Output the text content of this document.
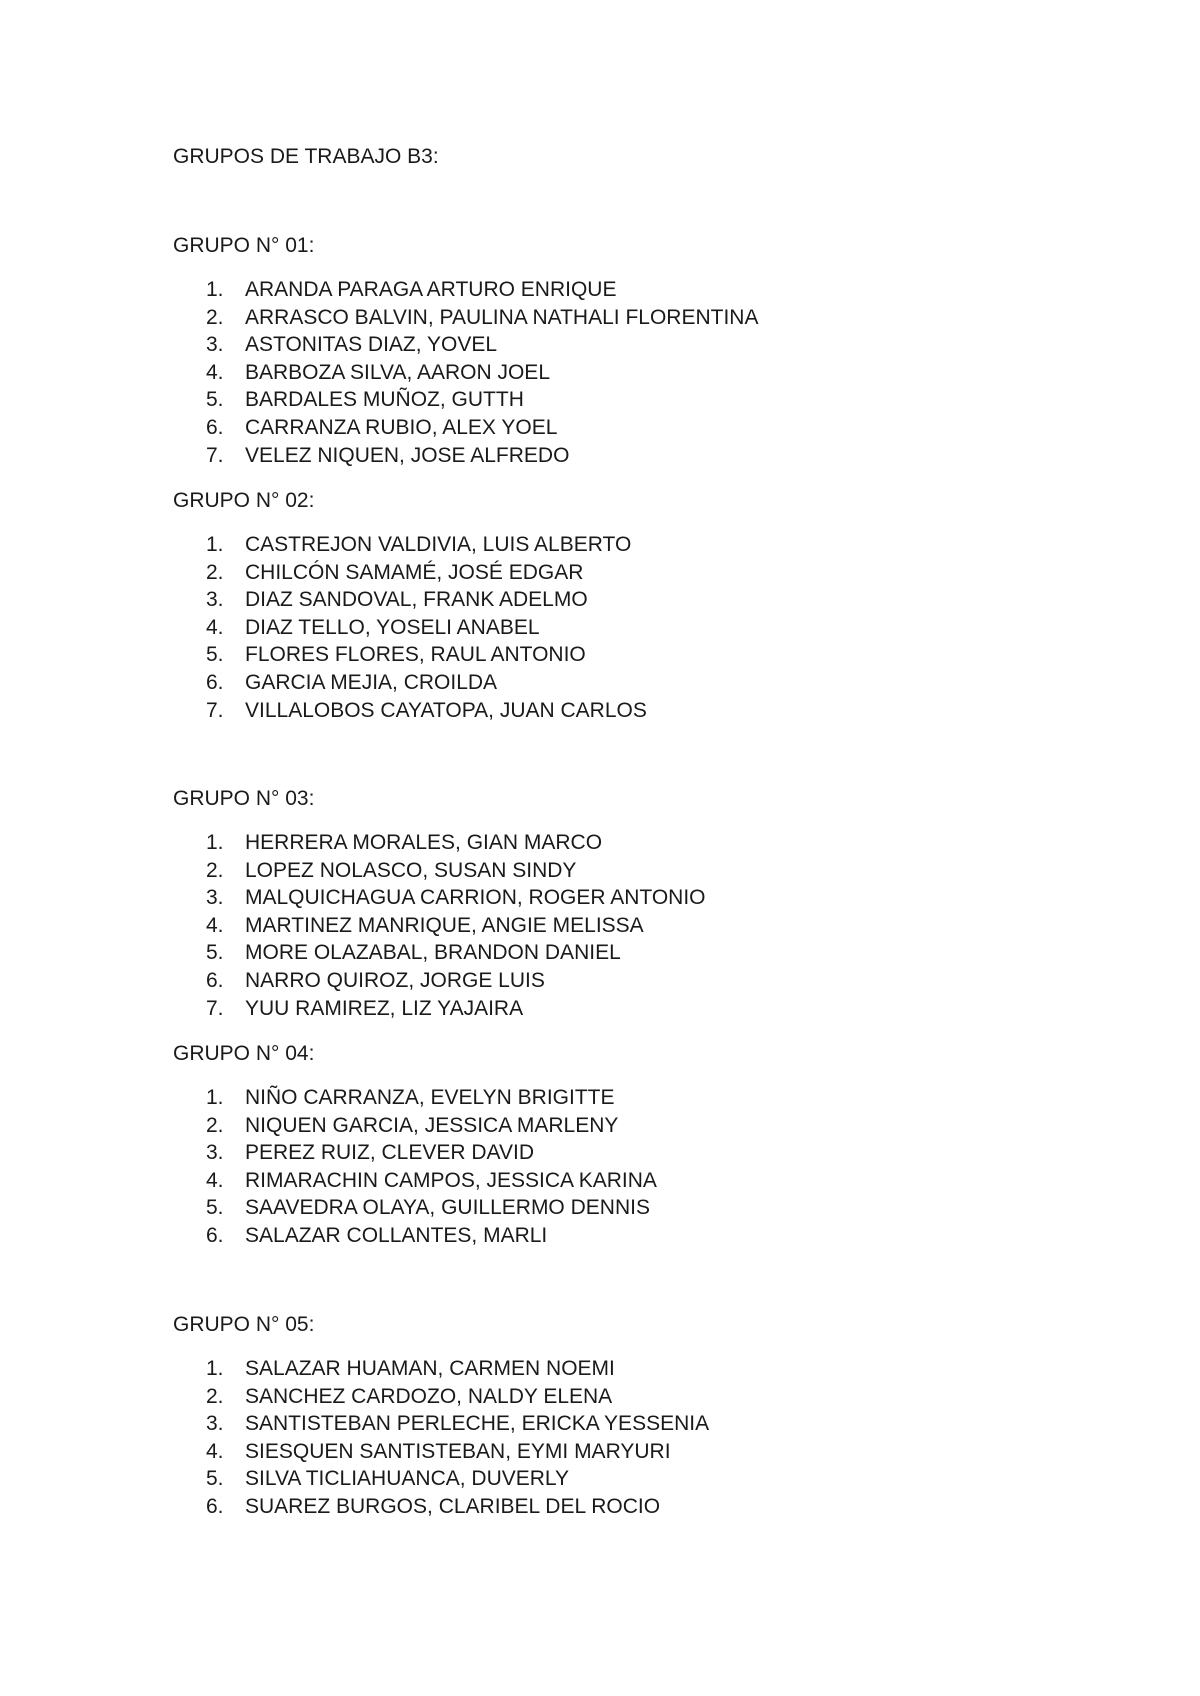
GRUPOS DE TRABAJO B3:
GRUPO N° 01:
1.	ARANDA PARAGA ARTURO ENRIQUE
2.	ARRASCO BALVIN, PAULINA NATHALI FLORENTINA
3.	ASTONITAS DIAZ, YOVEL
4.	BARBOZA SILVA, AARON JOEL
5.	BARDALES MUÑOZ, GUTTH
6.	CARRANZA RUBIO, ALEX YOEL
7.	VELEZ NIQUEN, JOSE ALFREDO
GRUPO N° 02:
1.	CASTREJON VALDIVIA, LUIS ALBERTO
2.	CHILCÓN SAMAMÉ, JOSÉ EDGAR
3.	DIAZ SANDOVAL, FRANK ADELMO
4.	DIAZ TELLO, YOSELI ANABEL
5.	FLORES FLORES, RAUL ANTONIO
6.	GARCIA MEJIA, CROILDA
7.	VILLALOBOS CAYATOPA, JUAN CARLOS
GRUPO N° 03:
1.	HERRERA MORALES, GIAN MARCO
2.	LOPEZ NOLASCO, SUSAN SINDY
3.	MALQUICHAGUA CARRION, ROGER ANTONIO
4.	MARTINEZ MANRIQUE, ANGIE MELISSA
5.	MORE OLAZABAL, BRANDON DANIEL
6.	NARRO QUIROZ, JORGE LUIS
7.	YUU RAMIREZ, LIZ YAJAIRA
GRUPO N° 04:
1.	NIÑO CARRANZA, EVELYN BRIGITTE
2.	NIQUEN GARCIA, JESSICA MARLENY
3.	PEREZ RUIZ, CLEVER DAVID
4.	RIMARACHIN CAMPOS, JESSICA KARINA
5.	SAAVEDRA OLAYA, GUILLERMO DENNIS
6.	SALAZAR COLLANTES, MARLI
GRUPO N° 05:
1.	SALAZAR HUAMAN, CARMEN NOEMI
2.	SANCHEZ CARDOZO, NALDY ELENA
3.	SANTISTEBAN PERLECHE, ERICKA YESSENIA
4.	SIESQUEN SANTISTEBAN, EYMI MARYURI
5.	SILVA TICLIAHUANCA, DUVERLY
6.	SUAREZ BURGOS, CLARIBEL DEL ROCIO
